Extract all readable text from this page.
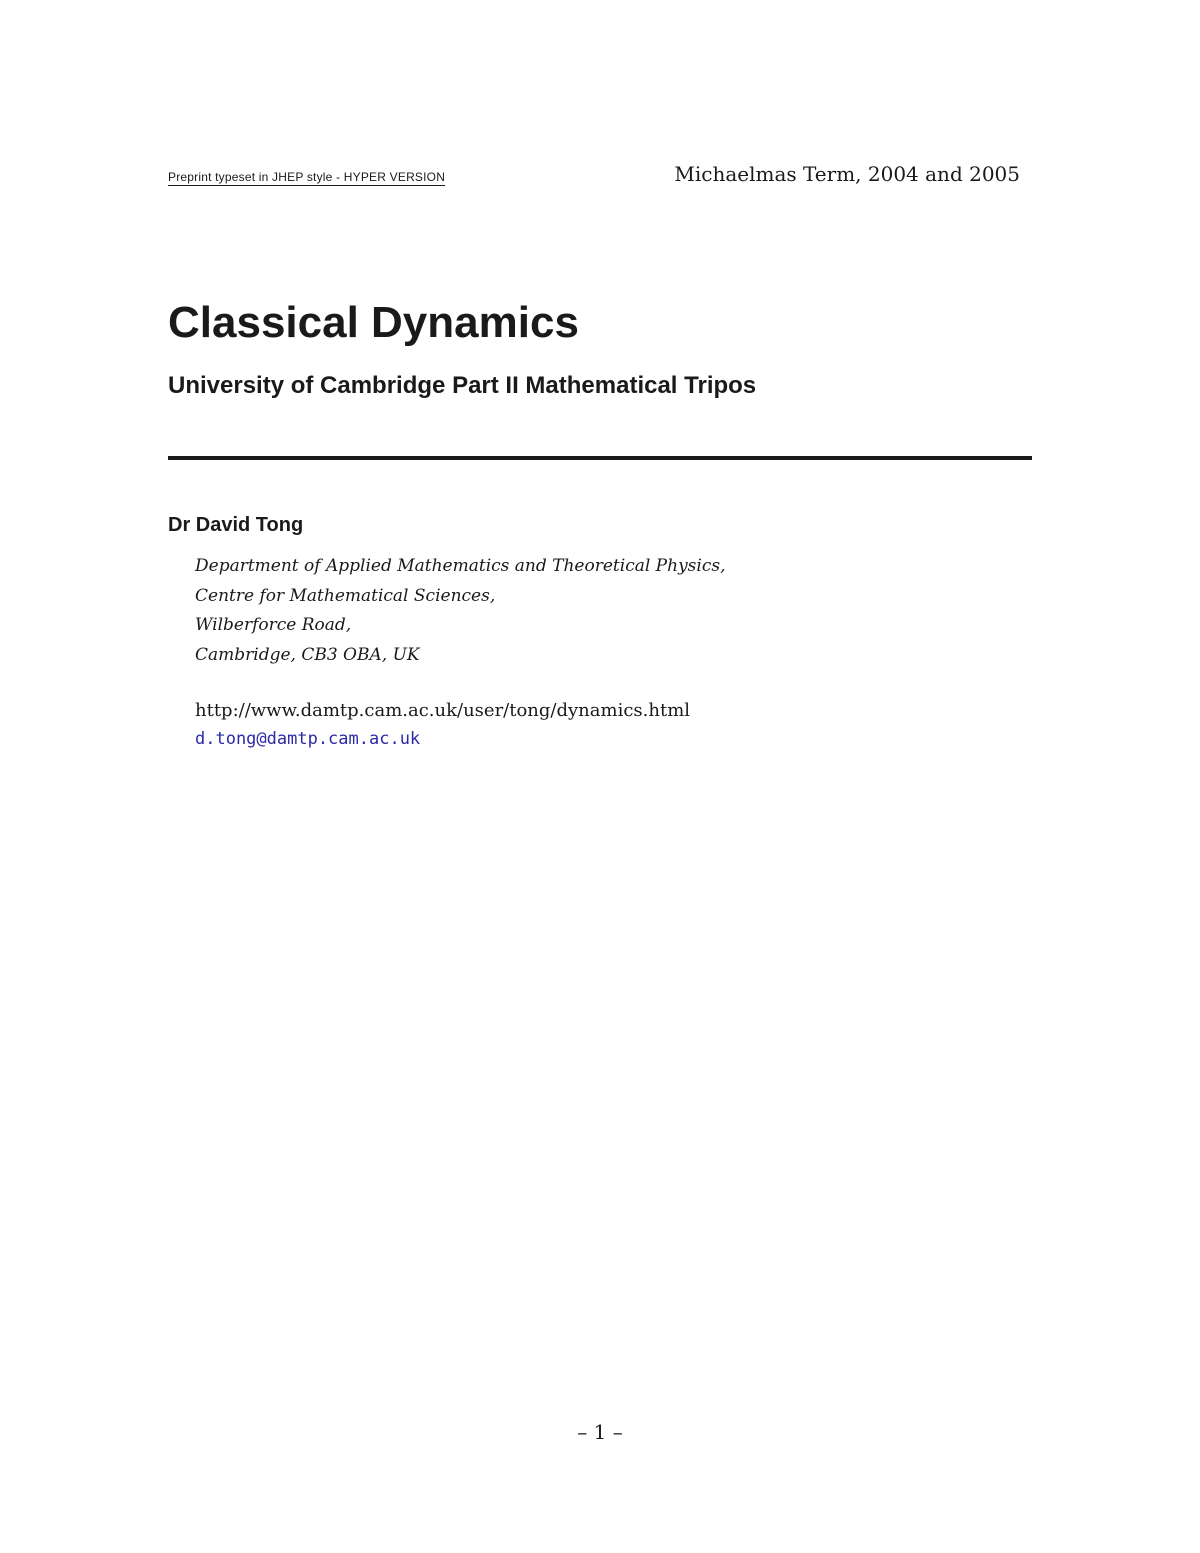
Preprint typeset in JHEP style - HYPER VERSION	Michaelmas Term, 2004 and 2005
Classical Dynamics
University of Cambridge Part II Mathematical Tripos
Dr David Tong
Department of Applied Mathematics and Theoretical Physics,
Centre for Mathematical Sciences,
Wilberforce Road,
Cambridge, CB3 OBA, UK
http://www.damtp.cam.ac.uk/user/tong/dynamics.html
d.tong@damtp.cam.ac.uk
– 1 –
